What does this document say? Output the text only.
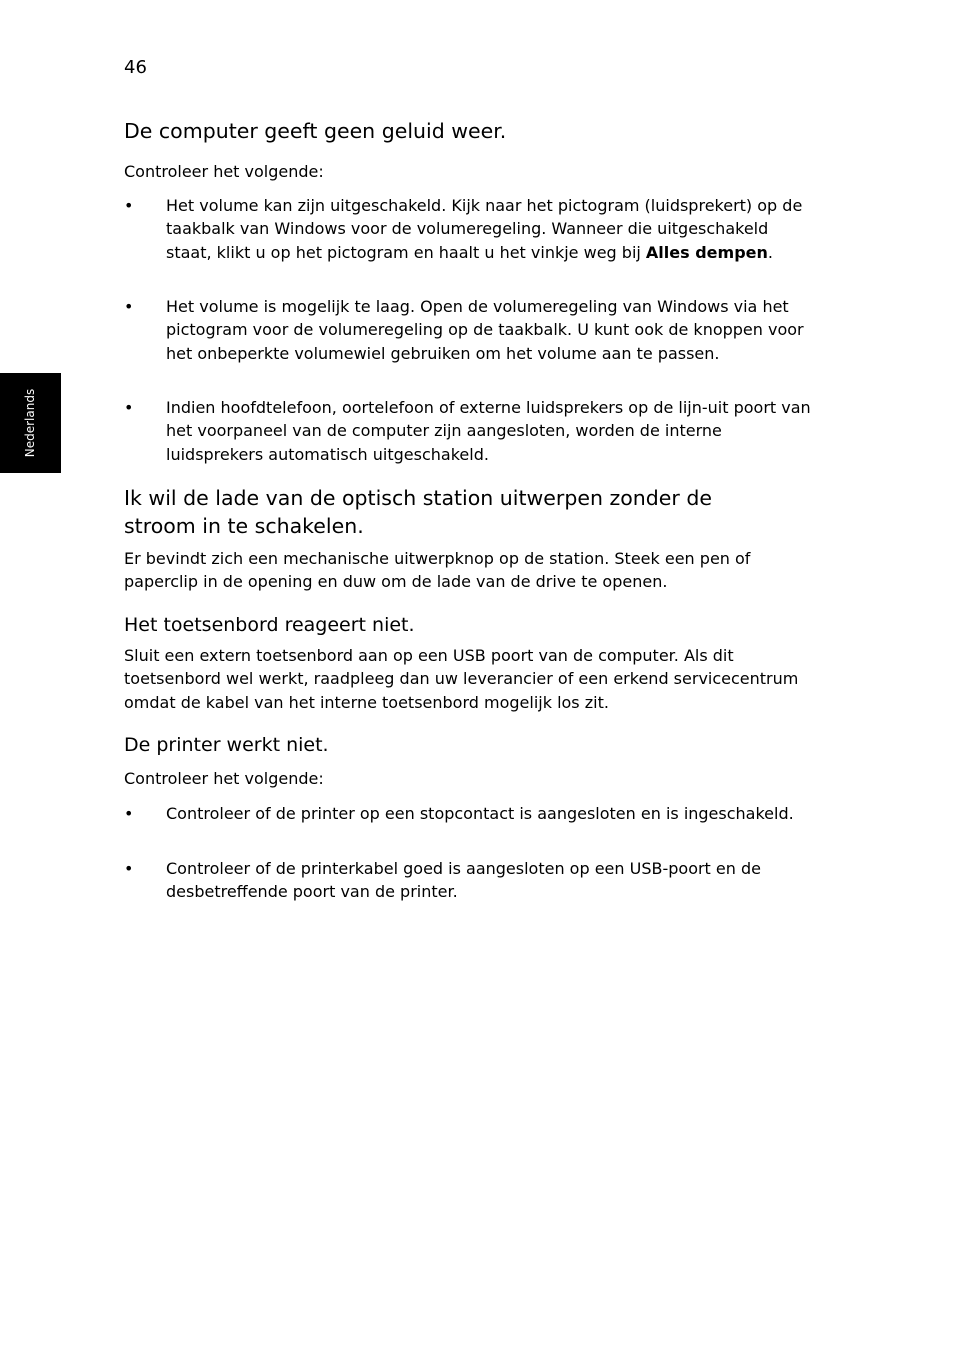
46
Nederlands
De computer geeft geen geluid weer.

Controleer het volgende:

• Het volume kan zijn uitgeschakeld. Kijk naar het pictogram (luidsprekert) op de taakbalk van Windows voor de volumeregeling. Wanneer die uitgeschakeld staat, klikt u op het pictogram en haalt u het vinkje weg bij Alles dempen.

• Het volume is mogelijk te laag. Open de volumeregeling van Windows via het pictogram voor de volumeregeling op de taakbalk. U kunt ook de knoppen voor het onbeperkte volumewiel gebruiken om het volume aan te passen.

• Indien hoofdtelefoon, oortelefoon of externe luidsprekers op de lijn-uit poort van het voorpaneel van de computer zijn aangesloten, worden de interne luidsprekers automatisch uitgeschakeld.

Ik wil de lade van de optisch station uitwerpen zonder de
stroom in te schakelen.

Er bevindt zich een mechanische uitwerpknop op de station. Steek een pen of paperclip in de opening en duw om de lade van de drive te openen.

Het toetsenbord reageert niet.

Sluit een extern toetsenbord aan op een USB poort van de computer. Als dit toetsenbord wel werkt, raadpleeg dan uw leverancier of een erkend servicecentrum omdat de kabel van het interne toetsenbord mogelijk los zit.

De printer werkt niet.

Controleer het volgende:

• Controleer of de printer op een stopcontact is aangesloten en is ingeschakeld.

• Controleer of de printerkabel goed is aangesloten op een USB-poort en de desbetreffende poort van de printer.
